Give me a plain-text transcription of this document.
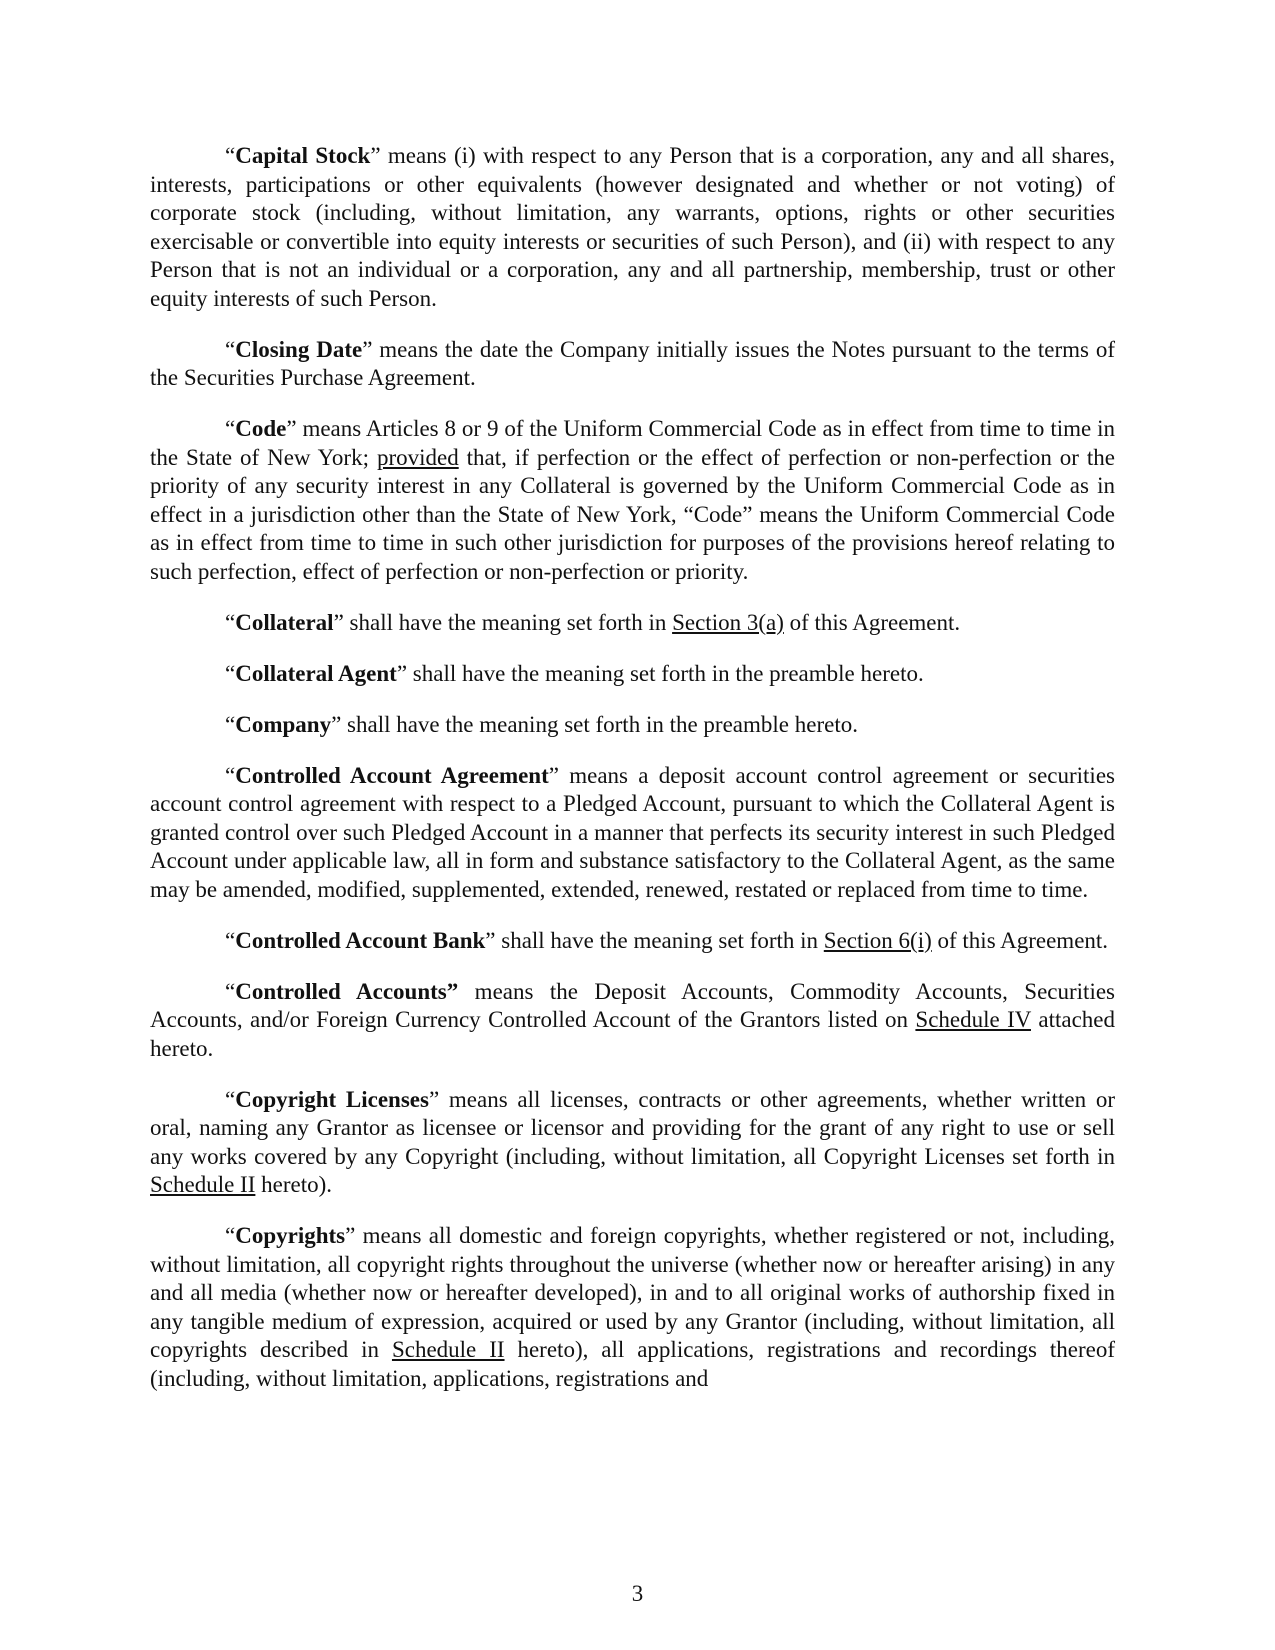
“Capital Stock” means (i) with respect to any Person that is a corporation, any and all shares, interests, participations or other equivalents (however designated and whether or not voting) of corporate stock (including, without limitation, any warrants, options, rights or other securities exercisable or convertible into equity interests or securities of such Person), and (ii) with respect to any Person that is not an individual or a corporation, any and all partnership, membership, trust or other equity interests of such Person.

“Closing Date” means the date the Company initially issues the Notes pursuant to the terms of the Securities Purchase Agreement.

“Code” means Articles 8 or 9 of the Uniform Commercial Code as in effect from time to time in the State of New York; provided that, if perfection or the effect of perfection or non-perfection or the priority of any security interest in any Collateral is governed by the Uniform Commercial Code as in effect in a jurisdiction other than the State of New York, “Code” means the Uniform Commercial Code as in effect from time to time in such other jurisdiction for purposes of the provisions hereof relating to such perfection, effect of perfection or non-perfection or priority.

“Collateral” shall have the meaning set forth in Section 3(a) of this Agreement.

“Collateral Agent” shall have the meaning set forth in the preamble hereto.

“Company” shall have the meaning set forth in the preamble hereto.

“Controlled Account Agreement” means a deposit account control agreement or securities account control agreement with respect to a Pledged Account, pursuant to which the Collateral Agent is granted control over such Pledged Account in a manner that perfects its security interest in such Pledged Account under applicable law, all in form and substance satisfactory to the Collateral Agent, as the same may be amended, modified, supplemented, extended, renewed, restated or replaced from time to time.

“Controlled Account Bank” shall have the meaning set forth in Section 6(i) of this Agreement.

“Controlled Accounts” means the Deposit Accounts, Commodity Accounts, Securities Accounts, and/or Foreign Currency Controlled Account of the Grantors listed on Schedule IV attached hereto.

“Copyright Licenses” means all licenses, contracts or other agreements, whether written or oral, naming any Grantor as licensee or licensor and providing for the grant of any right to use or sell any works covered by any Copyright (including, without limitation, all Copyright Licenses set forth in Schedule II hereto).

“Copyrights” means all domestic and foreign copyrights, whether registered or not, including, without limitation, all copyright rights throughout the universe (whether now or hereafter arising) in any and all media (whether now or hereafter developed), in and to all original works of authorship fixed in any tangible medium of expression, acquired or used by any Grantor (including, without limitation, all copyrights described in Schedule II hereto), all applications, registrations and recordings thereof (including, without limitation, applications, registrations and

3
